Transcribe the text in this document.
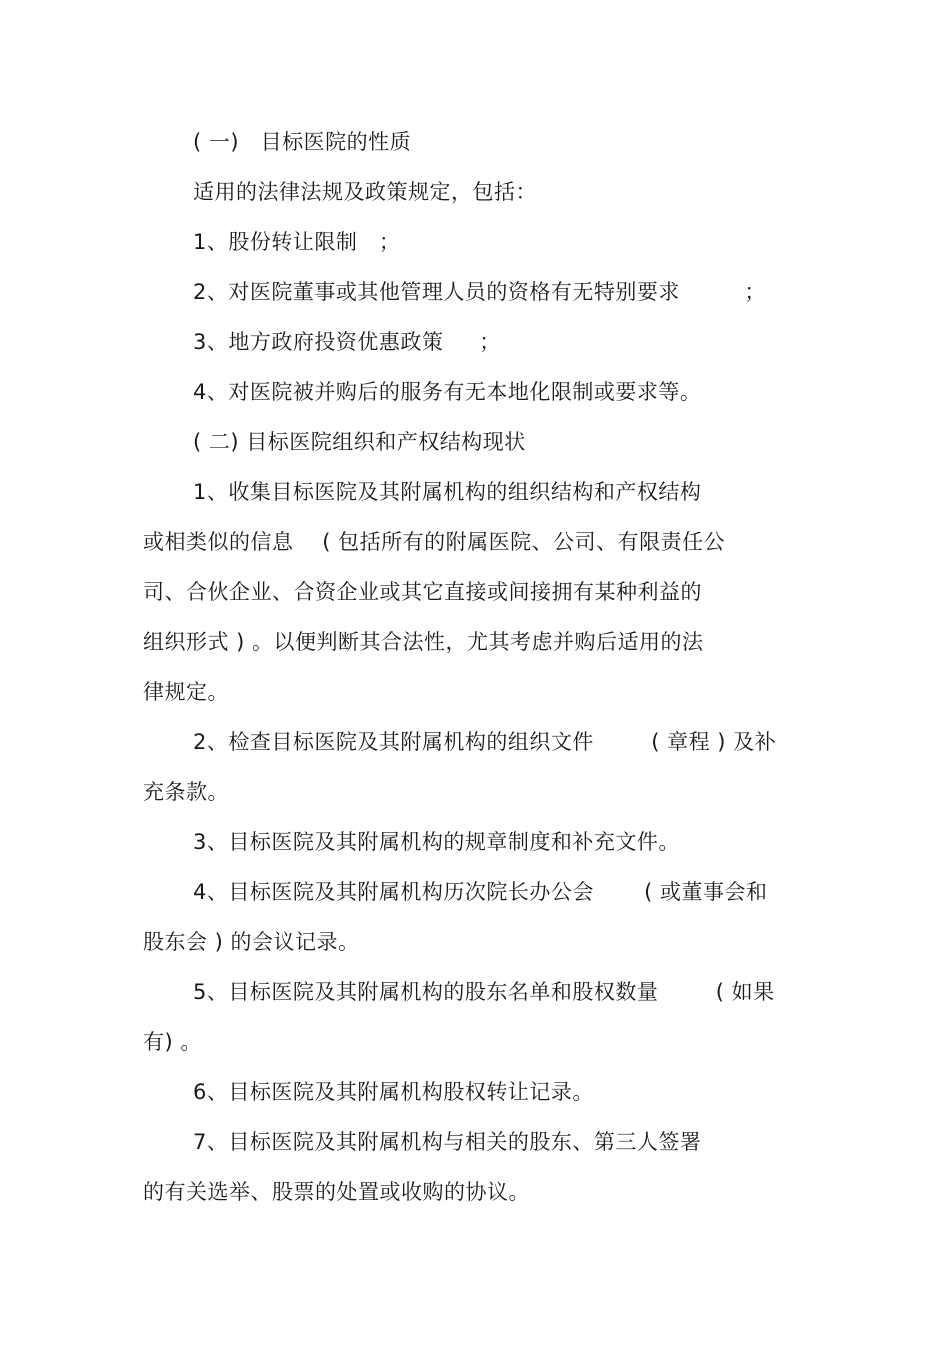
( 一)   目标医院的性质
适用的法律法规及政策规定，包括：
1、股份转让限制   ；
2、对医院董事或其他管理人员的资格有无特别要求         ；
3、地方政府投资优惠政策     ；
4、对医院被并购后的服务有无本地化限制或要求等。
( 二) 目标医院组织和产权结构现状
1、收集目标医院及其附属机构的组织结构和产权结构
或相类似的信息    ( 包括所有的附属医院、公司、有限责任公
司、合伙企业、合资企业或其它直接或间接拥有某种利益的
组织形式 ) 。以便判断其合法性，尤其考虑并购后适用的法
律规定。
2、检查目标医院及其附属机构的组织文件        ( 章程 ) 及补
充条款。
3、目标医院及其附属机构的规章制度和补充文件。
4、目标医院及其附属机构历次院长办公会       ( 或董事会和
股东会 ) 的会议记录。
5、目标医院及其附属机构的股东名单和股权数量        ( 如果
有) 。
6、目标医院及其附属机构股权转让记录。
7、目标医院及其附属机构与相关的股东、第三人签署
的有关选举、股票的处置或收购的协议。
